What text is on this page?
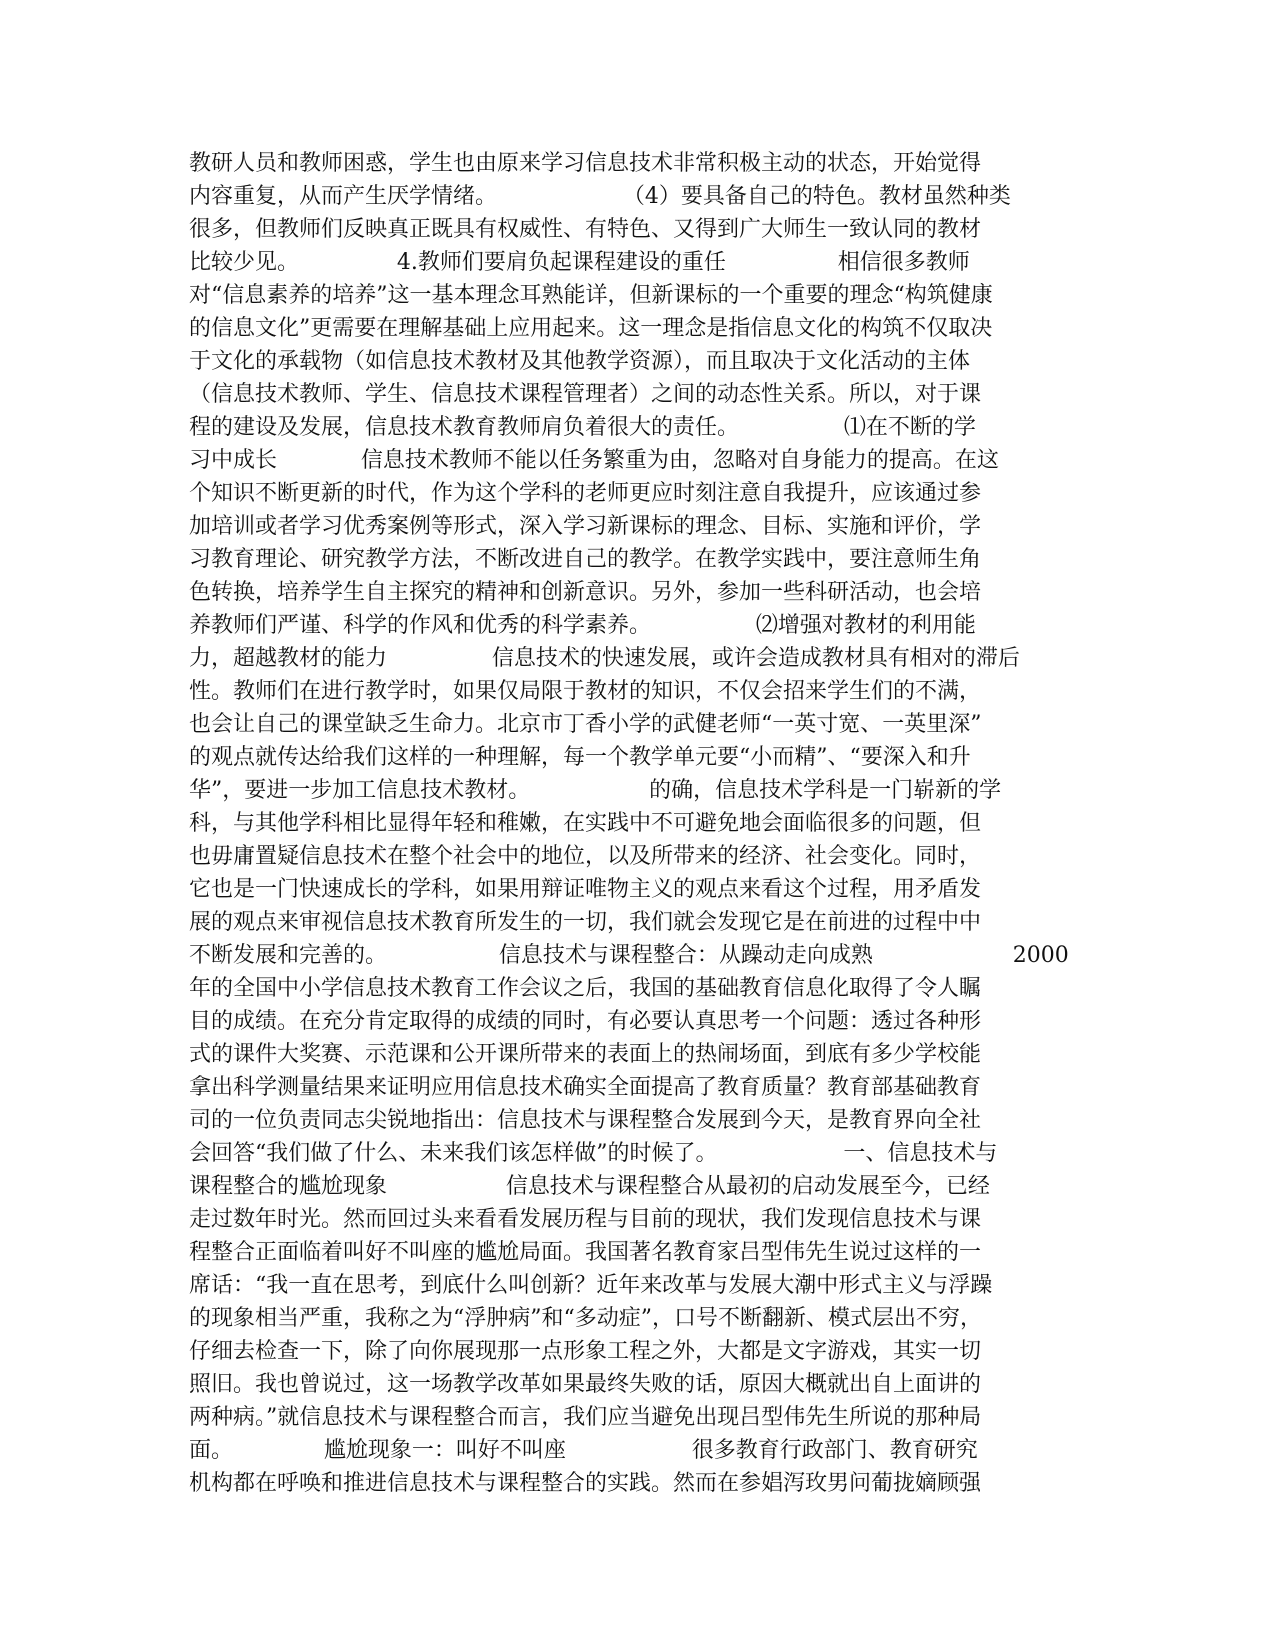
教研人员和教师困惑，学生也由原来学习信息技术非常积极主动的状态，开始觉得
内容重复，从而产生厌学情绪。                  （4）要具备自己的特色。教材虽然种类
很多，但教师们反映真正既具有权威性、有特色、又得到广大师生一致认同的教材
比较少见。              4.教师们要肩负起课程建设的重任                相信很多教师
对“信息素养的培养”这一基本理念耳熟能详，但新课标的一个重要的理念“构筑健康
的信息文化”更需要在理解基础上应用起来。这一理念是指信息文化的构筑不仅取决
于文化的承载物（如信息技术教材及其他教学资源），而且取决于文化活动的主体
（信息技术教师、学生、信息技术课程管理者）之间的动态性关系。所以，对于课
程的建设及发展，信息技术教育教师肩负着很大的责任。               ⑴在不断的学
习中成长            信息技术教师不能以任务繁重为由，忽略对自身能力的提高。在这
个知识不断更新的时代，作为这个学科的老师更应时刻注意自我提升，应该通过参
加培训或者学习优秀案例等形式，深入学习新课标的理念、目标、实施和评价，学
习教育理论、研究教学方法，不断改进自己的教学。在教学实践中，要注意师生角
色转换，培养学生自主探究的精神和创新意识。另外，参加一些科研活动，也会培
养教师们严谨、科学的作风和优秀的科学素养。               ⑵增强对教材的利用能
力，超越教材的能力               信息技术的快速发展，或许会造成教材具有相对的滞后
性。教师们在进行教学时，如果仅局限于教材的知识，不仅会招来学生们的不满，
也会让自己的课堂缺乏生命力。北京市丁香小学的武健老师“一英寸宽、一英里深”
的观点就传达给我们这样的一种理解，每一个教学单元要“小而精”、“要深入和升
华”，要进一步加工信息技术教材。                 的确，信息技术学科是一门崭新的学
科，与其他学科相比显得年轻和稚嫩，在实践中不可避免地会面临很多的问题，但
也毋庸置疑信息技术在整个社会中的地位，以及所带来的经济、社会变化。同时，
它也是一门快速成长的学科，如果用辩证唯物主义的观点来看这个过程，用矛盾发
展的观点来审视信息技术教育所发生的一切，我们就会发现它是在前进的过程中中
不断发展和完善的。                信息技术与课程整合：从躁动走向成熟                    2000
年的全国中小学信息技术教育工作会议之后，我国的基础教育信息化取得了令人瞩
目的成绩。在充分肯定取得的成绩的同时，有必要认真思考一个问题：透过各种形
式的课件大奖赛、示范课和公开课所带来的表面上的热闹场面，到底有多少学校能
拿出科学测量结果来证明应用信息技术确实全面提高了教育质量？教育部基础教育
司的一位负责同志尖锐地指出：信息技术与课程整合发展到今天，是教育界向全社
会回答“我们做了什么、未来我们该怎样做”的时候了。                  一、信息技术与
课程整合的尴尬现象                 信息技术与课程整合从最初的启动发展至今，已经
走过数年时光。然而回过头来看看发展历程与目前的现状，我们发现信息技术与课
程整合正面临着叫好不叫座的尴尬局面。我国著名教育家吕型伟先生说过这样的一
席话：“我一直在思考，到底什么叫创新？近年来改革与发展大潮中形式主义与浮躁
的现象相当严重，我称之为“浮肿病”和“多动症”，口号不断翻新、模式层出不穷，
仔细去检查一下，除了向你展现那一点形象工程之外，大都是文字游戏，其实一切
照旧。我也曾说过，这一场教学改革如果最终失败的话，原因大概就出自上面讲的
两种病。”就信息技术与课程整合而言，我们应当避免出现吕型伟先生所说的那种局
面。             尴尬现象一：叫好不叫座                  很多教育行政部门、教育研究
机构都在呼唤和推进信息技术与课程整合的实践。然而在参娼泻玫男问葡拢嫡顾强
